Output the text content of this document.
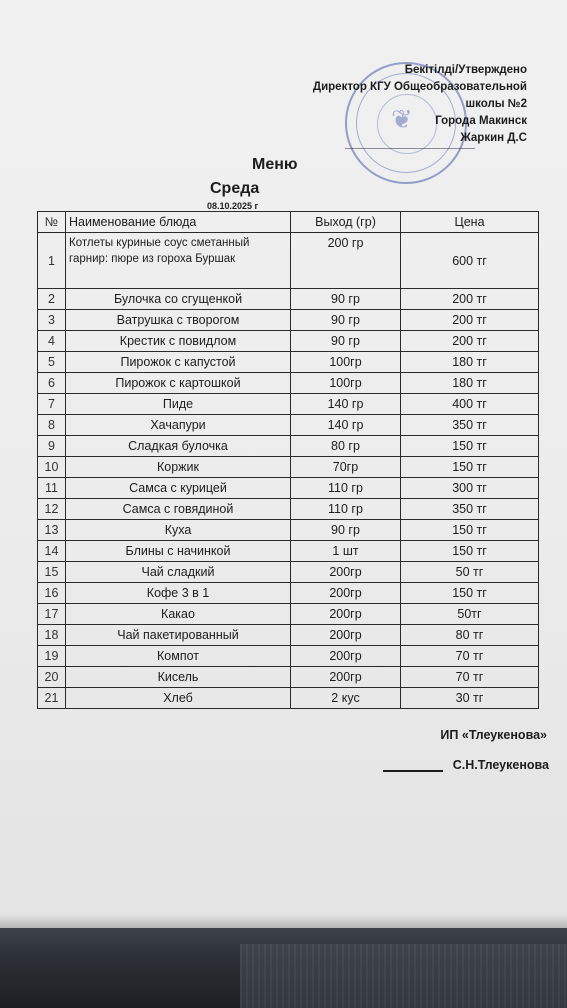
❦
Бекітілді/Утверждено
Директор КГУ Общеобразовательной
школы №2
Города Макинск
Жаркин Д.С
Меню
Среда
08.10.2025 г
№	Наименование блюда	Выход (гр)	Цена
1	Котлеты куриные соус сметанный гарнир: пюре из гороха Буршак	200 гр	600 тг
2	Булочка со сгущенкой	90 гр	200 тг
3	Ватрушка с творогом	90 гр	200 тг
4	Крестик с повидлом	90 гр	200 тг
5	Пирожок с капустой	100гр	180 тг
6	Пирожок с картошкой	100гр	180 тг
7	Пиде	140 гр	400 тг
8	Хачапури	140 гр	350 тг
9	Сладкая булочка	80 гр	150 тг
10	Коржик	70гр	150 тг
11	Самса с курицей	110 гр	300 тг
12	Самса с говядиной	110 гр	350 тг
13	Куха	90 гр	150 тг
14	Блины с начинкой	1 шт	150 тг
15	Чай сладкий	200гр	50 тг
16	Кофе 3 в 1	200гр	150 тг
17	Какао	200гр	50тг
18	Чай пакетированный	200гр	80 тг
19	Компот	200гр	70 тг
20	Кисель	200гр	70 тг
21	Хлеб	2 кус	30 тг
ИП «Тлеукенова»
С.Н.Тлеукенова
